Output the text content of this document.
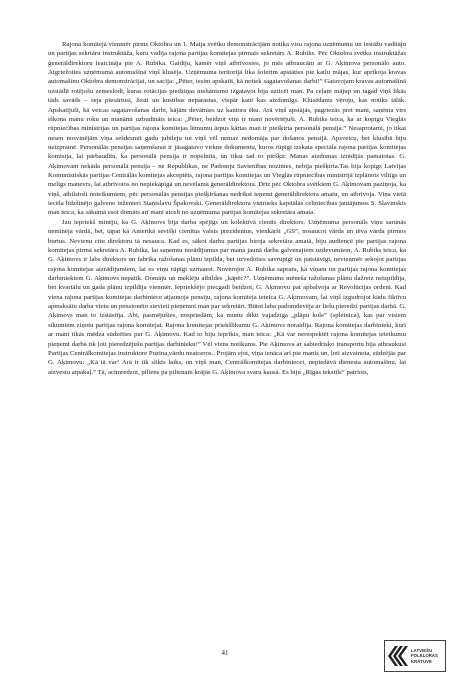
Rajona komitejā vienmēr pirms Oktobra un 1. Maija svētku demonstrācijām notika visu rajona uzņēmumu un iestāžu vadītāju un partijas sekrtāru instruktāža, kuru vadīja rajona partijas komitejas pirmais sekretārs A. Rubiks. Pēc Oktobra svētku instruktāžas ģenerāldirektoru ieaicināja pie A. Rubika. Gaidīju, kamēr viņš atbrīvosies, jo mēs atbraucām ar G. Aķimova personālo auto. Atgriežoties uzņēmumā automašīnā viņš klusēja. Uzņēmuma teritorijā lika šoferim apstāties pie katlu mājas, kur aprīkoja kravas automašīnu Oktobra demonstrācijai, un sacīja: „Pēter, iesim apskatīt, kā notiek sagatavošanas darbi!” Gatavojam kravas automašīnā uzstādīt rotējošu zemeslodi, kuras rotācijas piedziņas mehānismu izgatavot bija uzticēt man. Pa ceļam mājup un tagad viņš likās tāds savāds – seja piesārtusi, žesti un kustības neparastas, vispār kaut kas aizdomīgs. Klusēdams vēroju, kas notiks tālāk. Apskatījuši, kā veicas sagatavošanas darbi, kājām devāmies uz kantora ēku. Arā viņš apstājās, pagriezās pret mani, saņēma virs elkoņa manu roku un manāmi uzbudināts teica: „Pēter, beidzot viņi ir mani novērtējuši. A. Rubiks teica, ka ar kopīgu Vieglās rūpniecības ministrijas un partijas rajona komitejas lēmumu ārpus kārtas man ir piešķirta personālā pensija.” Nesaprotami, jo tikai nesen nosvinējām viņa sešdesmit gadu jubileju un viņš vēl nemaz nedomāja par došanos pensijā. Apsveicu, bet klusībā biju neizpratnē. Personālās pensijas saņemšanai ir jāsagatavo virkne dokumentu, kuros rūpīgi izskata speciāla rajona partijas komitejas komisija, lai pārbaudītu, ka personālā pensija ir nopelnīta, un tikai tad to piešķir. Manas aizdomas izrādījās pamatotas. G. Aķimovam nekāda personālā pensija – ne Republikas, ne Padomju Savienības nozīmes, nebija piešķirta.Tas bija kopīgs Latvijas Komunistiskās partijas Centrālās komitejas akceptēts, rajona partijas komitejas un Vieglās rūpniecības ministrijā izplānots viltīgs un melīgs manevrs, lai atbrīvotos no nepiekāpīgā un nevēlamā ģenerāldirektora. Drīz pēc Oktobra svētkiem G. Aķimovam paziņoja, ka viņš, atbilstoši noteikumiem, pēc personālās pensijas piešķiršanas nedrīkst ieņemt ģenerāldirektora amatu, un atbrīvoja. Viņa vietā iecēla līdzšinējo galveno inženieri Staņislavu Špakovski. Ģenerāldirektora vietnieks kapitālās celtniecības jautājumos S. Slavinskis man teica, ka sākumā esot domāts arī mani atcelt no uzņēmuma partijas komitejas sekretāra amata.

Jau iepriekš minēju, ka G. Aķimovs bija darba spējīgs un kolektīvā cienīts direktors. Uzņēmuma personāls viņu sarunās neminēja vārdā, bet, tāpat kā Amerikā sevišķi cienītus valsts prezidentus, vienkārši „GS”, nosaucot vārda un tēva vārda pirmos burtus. Nevienu citu direktoru tā nesauca. Kad es, sākot darbu partijas biroja sekretāra amatā, biju audiencē pie partijas rajona komitejas pirmā sekretāra A. Rubika, lai saņemtu norādījumus par mana jaunā darba galvenajiem uzdevumiem, A. Rubiks teica, ka G. Aķimovs ir labs direktors un fabrika ražošanas plānu izpilda, bet uzvedoties savrupīgi un patstāvīgi, nevienmēr sekojot partijas rajona komitejas aizrādījumiem, lai es viņu rūpīgi uzmanot. Novērojot A. Rubika sapratu, ka viņam un partijas rajona komitejas darbiniekiem G. Aķimovs nepatīk. Domāju un meklēju atbildes „kāpēc?”. Uzņēmums mēneša ražošanas plānu dažreiz neizpildīja, bet kvartālu un gada plānu izpildīja vienmēr. Iepriekšējo piecgadi beidzot, G. Aķimovu pat apbalvoja ar Revolūcijas ordeni. Kad viena rajona partijas komitejas darbiniece atjaunoja pensiju, rajona komiteja ieteica G. Aķimovam, lai viņš izgudrojot kādu fiktīvu apmaksātu darba vietu un pensionēto sievieti pieņemot man par sekretāri. Būtot laba padomdevēja ar lielu pieredzi partijas darbā. G. Aķimovs man to izstāstīja. Abi, pasmējušies, nospriedām, ka mums dikti vajadzīga „plāpu kule” (spletnica), kas par visiem sīkumiem ziņotu partijas rajona komitejai. Rajona komitejas priekšlikumu G. Aķimovs noraidīja. Rajona komitejas darbinieki, kuri ar mani tikās mēdza sūdzēties par G. Aķimovu. Kad to biju ieprīkis, man teica: „Kā var nerespektēt rajona komitejas ieteikumu pieņemt darbā tik ļoti pieredzējušu partijas darbinieku!” Vēl viens notikums. Pie Aķimova ar sabiedrisko transportu bija atbraukusi Partijas Centrālkomitejas instruktore Puzina,vārdu neatceros.. Projām ejot, viņa ienāca arī pie manis un, ļoti aizvainota, sūdzējās par G. Aķimovu: „Kā tā var! Arā ir tik slikts laiks, un viņš man, Centrālkomitejas darbiniecei, nepiedāvā dienesta automašīnu, lai aizvestu atpakaļ.” Tā, acīmredzot, piliens pa pilienam krājās G. Aķimova svaru kausā. Es biju „Rīgas tekstils” patriots,

41	LATVIEŠU
FOLKLORAS
KRĀTUVE
